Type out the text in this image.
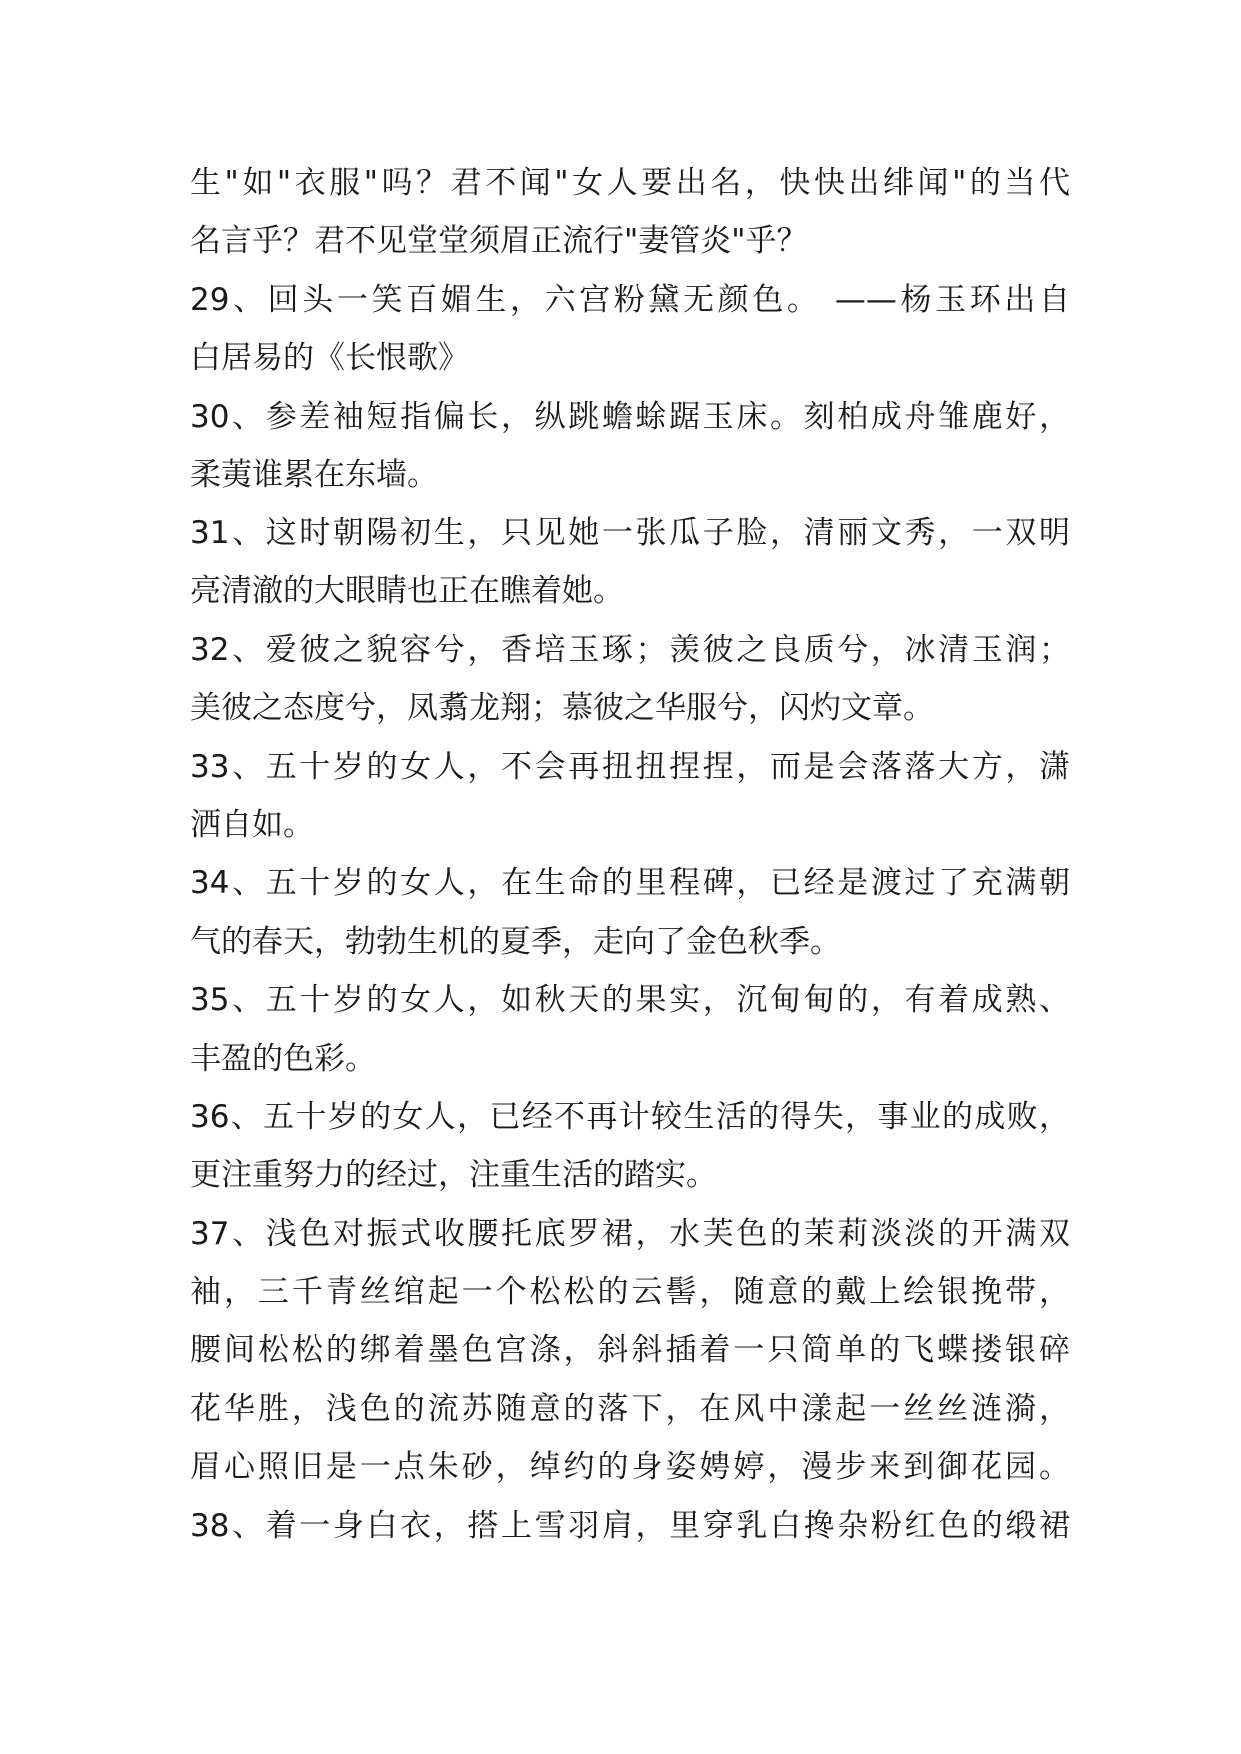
生"如"衣服"吗？君不闻"女人要出名，快快出绯闻"的当代
名言乎？君不见堂堂须眉正流行"妻管炎"乎？
29、回头一笑百媚生，六宫粉黛无颜色。 ——杨玉环出自
白居易的《长恨歌》
30、参差袖短指偏长，纵跳蟾蜍踞玉床。刻柏成舟雏鹿好，
柔荑谁累在东墙。
31、这时朝陽初生，只见她一张瓜子脸，清丽文秀，一双明
亮清澈的大眼睛也正在瞧着她。
32、爱彼之貌容兮，香培玉琢；羡彼之良质兮，冰清玉润；
美彼之态度兮，凤翥龙翔；慕彼之华服兮，闪灼文章。
33、五十岁的女人，不会再扭扭捏捏，而是会落落大方，潇
洒自如。
34、五十岁的女人，在生命的里程碑，已经是渡过了充满朝
气的春天，勃勃生机的夏季，走向了金色秋季。
35、五十岁的女人，如秋天的果实，沉甸甸的，有着成熟、
丰盈的色彩。
36、五十岁的女人，已经不再计较生活的得失，事业的成败，
更注重努力的经过，注重生活的踏实。
37、浅色对振式收腰托底罗裙，水芙色的茉莉淡淡的开满双
袖，三千青丝绾起一个松松的云髻，随意的戴上绘银挽带，
腰间松松的绑着墨色宫涤，斜斜插着一只简单的飞蝶搂银碎
花华胜，浅色的流苏随意的落下，在风中漾起一丝丝涟漪，
眉心照旧是一点朱砂，绰约的身姿娉婷，漫步来到御花园。
38、着一身白衣，搭上雪羽肩，里穿乳白搀杂粉红色的缎裙
